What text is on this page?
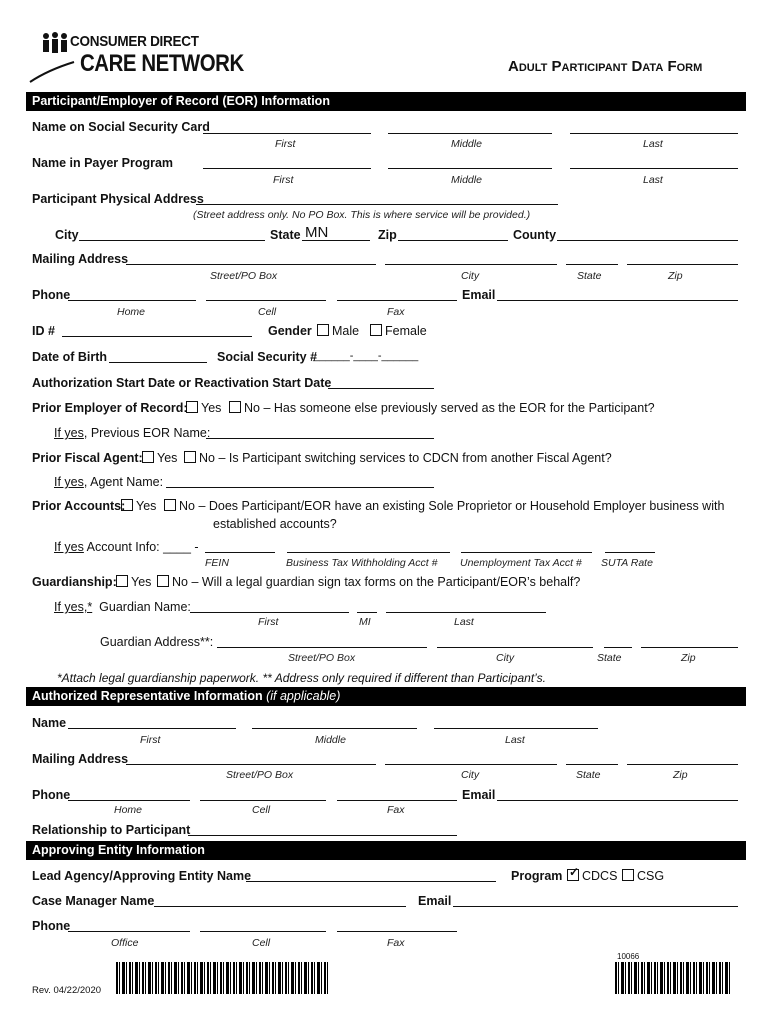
CONSUMER DIRECT
CARE NETWORK	Adult Participant Data Form
Participant/Employer of Record (EOR) Information
Name on Social Security Card
First	Middle	Last
Name in Payer Program
First	Middle	Last
Participant Physical Address
(Street address only. No PO Box. This is where service will be provided.)
City	State MN	Zip	County
Mailing Address
Street/PO Box	City	State	Zip
Phone	Email
Home	Cell	Fax
ID #	Gender	Male	Female
Date of Birth	Social Security #
______-____-______
Authorization Start Date or Reactivation Start Date
Prior Employer of Record:	Yes	No – Has someone else previously served as the EOR for the Participant?
If yes, Previous EOR Name:
Prior Fiscal Agent:	Yes	No – Is Participant switching services to CDCN from another Fiscal Agent?
If yes, Agent Name:
Prior Accounts: Yes	No – Does Participant/EOR have an existing Sole Proprietor or Household Employer business with
established accounts?
If yes Account Info: ____ -
FEIN	Business Tax Withholding Acct # Unemployment Tax Acct # SUTA Rate
Guardianship:	Yes	No – Will a legal guardian sign tax forms on the Participant/EOR’s behalf?
If yes,* Guardian Name:
First	MI	Last
Guardian Address**:
Street/PO Box	City	State	Zip
*Attach legal guardianship paperwork. ** Address only required if different than Participant’s.
Authorized Representative Information (if applicable)
Name
First	Middle	Last
Mailing Address
Street/PO Box	City	State	Zip
Phone	Email
Home	Cell	Fax
Relationship to Participant
Approving Entity Information
Lead Agency/Approving Entity Name	Program
✓	CDCS	CSG
Case Manager Name	Email
Phone
Office	Cell	Fax
Rev. 04/22/2020
10066
